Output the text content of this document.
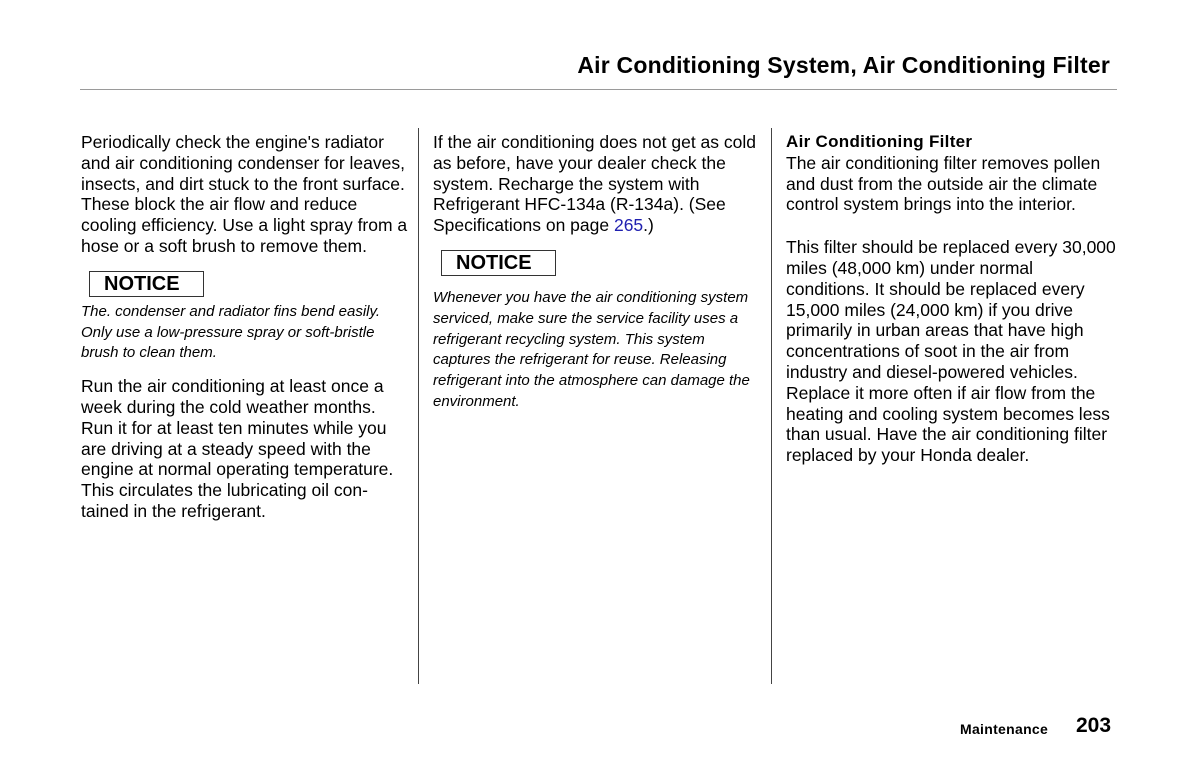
Air Conditioning System, Air Conditioning Filter

Periodically check the engine's radiator and air conditioning condenser for leaves, insects, and dirt stuck to the front surface. These block the air flow and reduce cooling efficiency. Use a light spray from a hose or a soft brush to remove them.

NOTICE

The. condenser and radiator fins bend easily. Only use a low-pressure spray or soft-bristle brush to clean them.

Run the air conditioning at least once a week during the cold weather months. Run it for at least ten minutes while you are driving at a steady speed with the engine at normal operating temperature. This circulates the lubricating oil con-tained in the refrigerant.

If the air conditioning does not get as cold as before, have your dealer check the system. Recharge the system with Refrigerant HFC-134a (R-134a). (See Specifications on page 265.)

NOTICE

Whenever you have the air conditioning system serviced, make sure the service facility uses a refrigerant recycling system. This system captures the refrigerant for reuse. Releasing refrigerant into the atmosphere can damage the environment.

Air Conditioning Filter

The air conditioning filter removes pollen and dust from the outside air the climate control system brings into the interior.

This filter should be replaced every 30,000 miles (48,000 km) under normal conditions. It should be replaced every 15,000 miles (24,000 km) if you drive primarily in urban areas that have high concentrations of soot in the air from industry and diesel-powered vehicles. Replace it more often if air flow from the heating and cooling system becomes less than usual. Have the air conditioning filter replaced by your Honda dealer.

Maintenance 203
